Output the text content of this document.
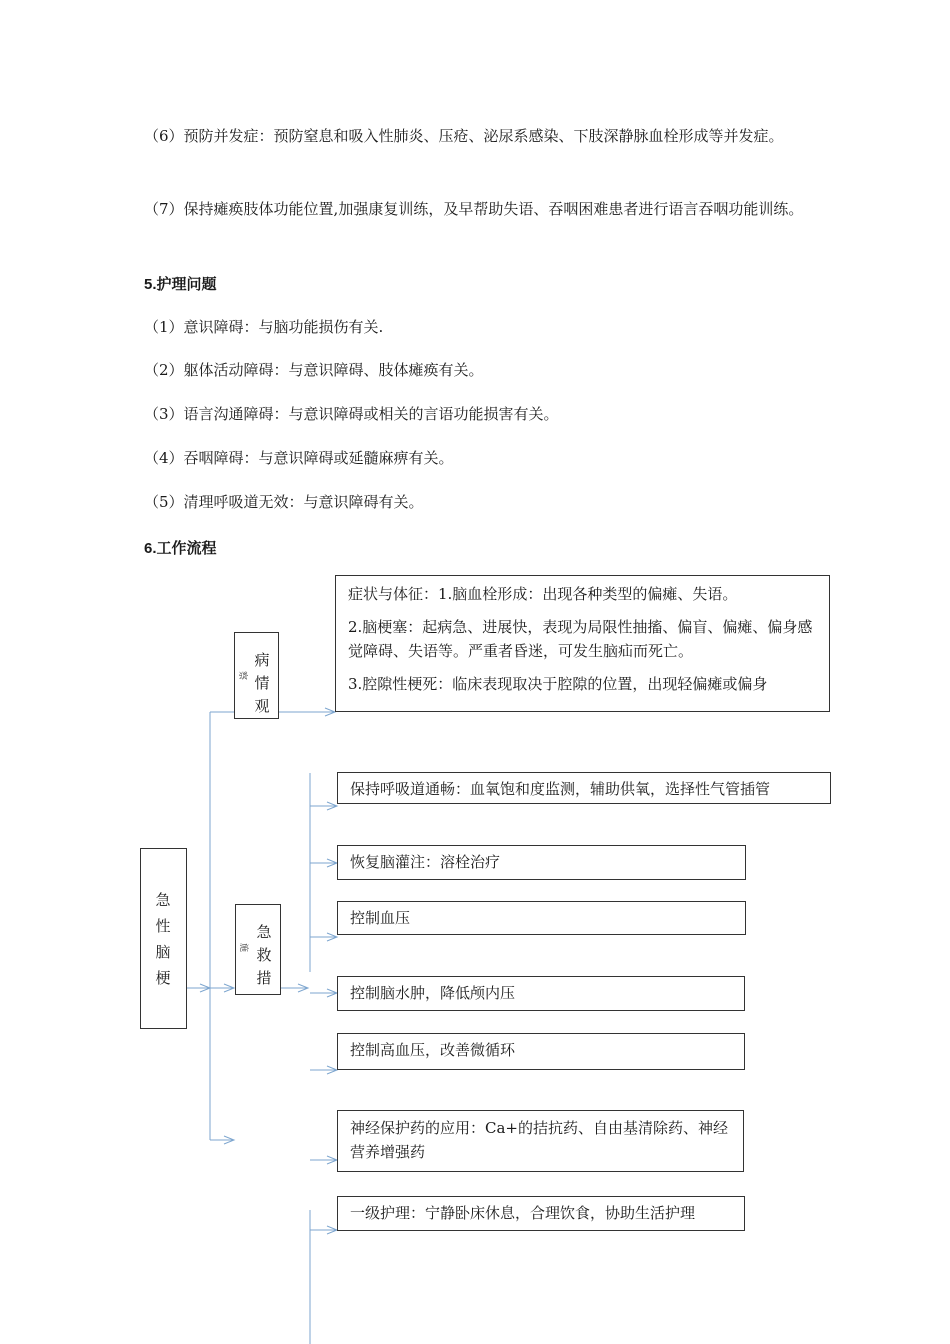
（6）预防并发症：预防窒息和吸入性肺炎、压疮、泌尿系感染、下肢深静脉血栓形成等并发症。

（7）保持瘫痪肢体功能位置,加强康复训练，及早帮助失语、吞咽困难患者进行语言吞咽功能训练。

5.护理问题

（1）意识障碍：与脑功能损伤有关.

（2）躯体活动障碍：与意识障碍、肢体瘫痪有关。

（3）语言沟通障碍：与意识障碍或相关的言语功能损害有关。

（4）吞咽障碍：与意识障碍或延髓麻痹有关。

（5）清理呼吸道无效：与意识障碍有关。

6.工作流程

急性脑梗
病情观
察
急救措
施

症状与体征：1.脑血栓形成：出现各种类型的偏瘫、失语。

2.脑梗塞：起病急、进展快，表现为局限性抽搐、偏盲、偏瘫、偏身感觉障碍、失语等。严重者昏迷，可发生脑疝而死亡。

3.腔隙性梗死：临床表现取决于腔隙的位置，出现轻偏瘫或偏身

保持呼吸道通畅：血氧饱和度监测，辅助供氧，选择性气管插管
恢复脑灌注：溶栓治疗
控制血压
控制脑水肿，降低颅内压
控制高血压，改善微循环
神经保护药的应用：Ca+的拮抗药、自由基清除药、神经营养增强药
一级护理：宁静卧床休息，合理饮食，协助生活护理
